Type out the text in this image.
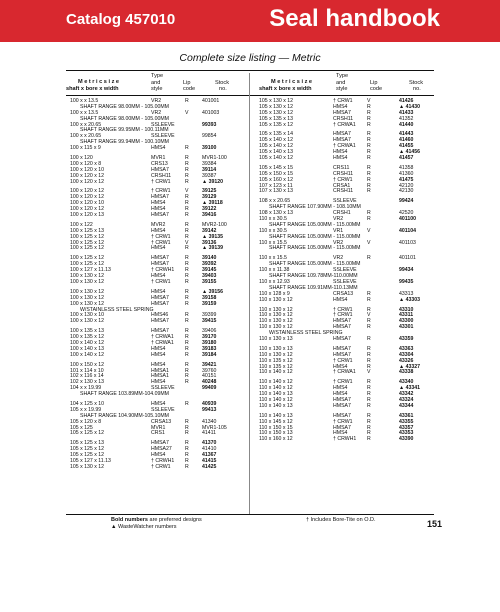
Catalog 457010	Seal handbook
Complete size listing — Metric
M e t r i c s i z e
shaft x bore x width
Type
and
style
Lip
code
Stock
no.
M e t r i c s i z e
shaft x bore x width
Type
and
style
Lip
code
Stock
no.
100 x x 13.5	VR2	R	401001
SHAFT RANGE 98.00MM - 105.00MM
100 x x 13.5	VR2	V	401003
SHAFT RANGE 98.00MM - 105.00MM
100 x x 20.65	SSLEEVE	99393
SHAFT RANGE 99.95MM - 100.11MM
100 x x 20.65	SSLEEVE	99854
SHAFT RANGE 99.94MM - 100.10MM
100 x 115 x 9	HMS4	R	39100
100 x 120	MVR1	R	MVR1-100
100 x 120 x 8	CRS13	R	39384
100 x 120 x 10	HMSA7	R	39114
100 x 120 x 12	CRSH11	R	39387
100 x 120 x 12	† CRW1	R	▲ 39120
100 x 120 x 12	† CRW1	V	39125
100 x 120 x 12	HMSA7	R	39129
100 x 120 x 10	HMS4	R	▲ 39118
100 x 120 x 12	HMS4	R	39122
100 x 120 x 13	HMSA7	R	39416
100 x 122	MVR2	R	MVR2-100
100 x 125 x 13	HMS4	R	39142
100 x 125 x 12	† CRW1	R	▲ 39135
100 x 125 x 12	† CRW1	V	39136
100 x 125 x 12	HMS4	R	▲ 39139
100 x 125 x 12	HMSA7	R	39140
100 x 125 x 12	HMSA7	R	39392
100 x 127 x 11.13	† CRWH1 R	39145
100 x 130 x 12	HMS4	R	39403
100 x 130 x 12	† CRW1	R	39155
100 x 130 x 12	HMS4	R	▲ 39156
100 x 130 x 12	HMSA7	R	39158
100 x 130 x 12	HMSA7	R	39159
W/STAINLESS STEEL SPRING
100 x 130 x 10	HMS46	R	39399
100 x 130 x 12	HMSA7	R	39415
100 x 135 x 13	HMSA7	R	39406
100 x 135 x 12	† CRWA1 R	39170
100 x 140 x 12	† CRWA1 R	39180
100 x 140 x 13	HMS4	R	39183
100 x 140 x 12	HMS4	R	39184
100 x 150 x 12	HMS4	R	39421
101 x 114 x 10	HMSA1	R	39760
102 x 116 x 14	HMSA1	R	40151
102 x 130 x 13	HMS4	R	40248
104 x x 19.99	SSLEEVE	99409
SHAFT RANGE 103.89MM-104.09MM
104 x 125 x 10	HMS4	R	40939
105 x x 19.99	SSLEEVE	99413
SHAFT RANGE 104.90MM-105.10MM
105 x 120 x 8	CRSA13	R	41340
105 x 125	MVR1	R	MVR1-105
105 x 125 x 12	CRS1	R	41411
105 x 125 x 13	HMSA7	R	41370
105 x 125 x 12	HMSA27	R	41410
105 x 125 x 12	HMS4	R	41367
105 x 127 x 11.13	† CRWH1 R	41415
105 x 130 x 12	† CRW1	R	41425
105 x 130 x 12	† CRW1	V	41426
105 x 130 x 12	HMS4	R	▲ 41430
105 x 130 x 12	HMSA7	R	41433
105 x 135 x 13	CRSH11	R	41352
105 x 135 x 12	† CRWA1 R	41440
105 x 135 x 14	HMSA7	R	41443
105 x 140 x 12	HMSA7	R	41460
105 x 140 x 12	† CRWA1 R	41455
105 x 140 x 13	HMS4	R	▲ 41456
105 x 140 x 12	HMS4	R	41457
105 x 145 x 15	CRS11	R	41358
105 x 150 x 15	CRSH11	R	41360
105 x 160 x 12	† CRW1	R	41475
107 x 123 x 11	CRSA1	R	42120
107 x 130 x 13	CRSH11	R	42130
108 x x 20.65	SSLEEVE	99424
SHAFT RANGE 107.90MM - 108.10MM
108 x 130 x 13	CRSH1	R	42520
110 x x 30.5	VR2	R	401100
SHAFT RANGE 105.00MM - 115.00MM
110 x x 30.5	VR1	V	401104
SHAFT RANGE 105.00MM - 115.00MM
110 x x 15.5	VR2	V	401103
SHAFT RANGE 105.00MM - 115.00MM
110 x x 15.5	VR2	R	401101
SHAFT RANGE 105.00MM - 115.00MM
110 x x 11.38	SSLEEVE	99434
SHAFT RANGE 109.78MM-110.00MM
110 x x 12.93	SSLEEVE	99435
SHAFT RANGE 109.91MM-110.13MM
110 x 128 x 9	CRSA13	R	43313
110 x 130 x 12	HMS4	R	▲ 43303
110 x 130 x 12	† CRW1	R	43310
110 x 130 x 12	† CRW1	V	43311
110 x 130 x 12	HMSA7	R	43300
110 x 130 x 12	HMSA7	R	43301
W/STAINLESS STEEL SPRING
110 x 130 x 13	HMSA7	R	43359
110 x 130 x 13	HMSA7	R	43363
110 x 130 x 12	HMSA7	R	43304
110 x 135 x 12	† CRW1	R	43326
110 x 135 x 12	HMS4	R	▲ 43327
110 x 140 x 12	† CRWA1 V	43338
110 x 140 x 12	† CRW1	R	43340
110 x 140 x 12	HMS4	R	▲ 43341
110 x 140 x 13	HMS4	R	43342
110 x 140 x 12	HMSA7	R	43324
110 x 140 x 13	HMSA7	R	43344
110 x 140 x 13	HMSA7	R	43361
110 x 145 x 12	† CRW1	R	43355
110 x 150 x 15	HMSA7	R	43357
110 x 150 x 13	HMS4	R	43353
110 x 160 x 12	† CRWH1 R	43390
Bold numbers are preferred designs
▲ WasteWatcher numbers
† Includes Bore-Tite on O.D.	151
